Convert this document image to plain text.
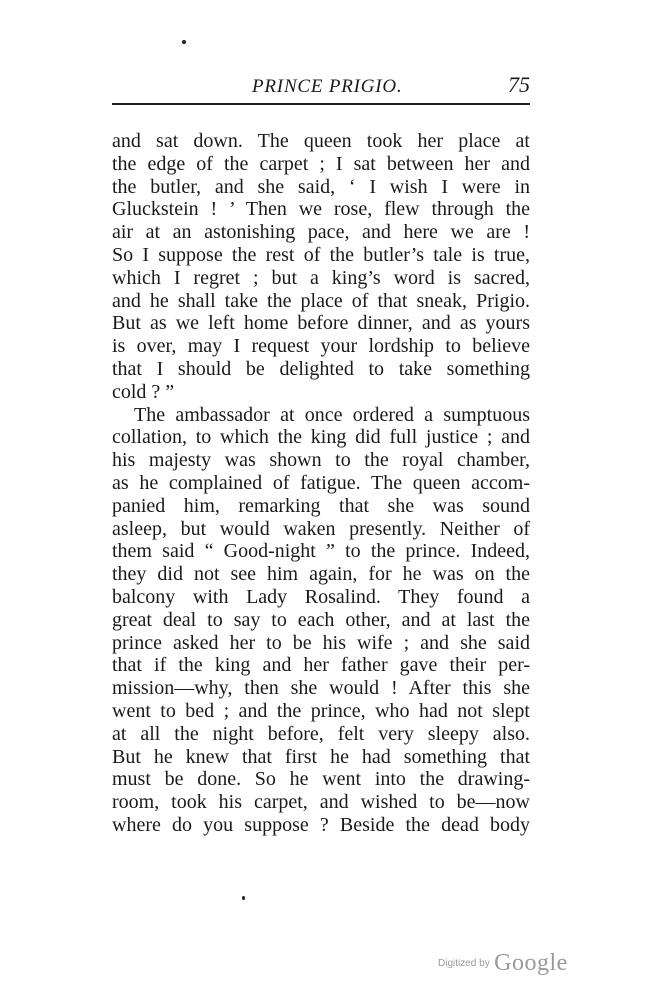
PRINCE PRIGIO.	75
and sat down. The queen took her place at
the edge of the carpet ; I sat between her and
the butler, and she said, ‘ I wish I were in
Gluckstein ! ’ Then we rose, flew through the
air at an astonishing pace, and here we are !
So I suppose the rest of the butler’s tale is true,
which I regret ; but a king’s word is sacred,
and he shall take the place of that sneak, Prigio.
But as we left home before dinner, and as yours
is over, may I request your lordship to believe
that I should be delighted to take something
cold ? ”
The ambassador at once ordered a sumptuous
collation, to which the king did full justice ; and
his majesty was shown to the royal chamber,
as he complained of fatigue. The queen accom-
panied him, remarking that she was sound
asleep, but would waken presently. Neither of
them said “ Good-night ” to the prince. Indeed,
they did not see him again, for he was on the
balcony with Lady Rosalind. They found a
great deal to say to each other, and at last the
prince asked her to be his wife ; and she said
that if the king and her father gave their per-
mission—why, then she would ! After this she
went to bed ; and the prince, who had not slept
at all the night before, felt very sleepy also.
But he knew that first he had something that
must be done. So he went into the drawing-
room, took his carpet, and wished to be—now
where do you suppose ? Beside the dead body
Digitized by Google
